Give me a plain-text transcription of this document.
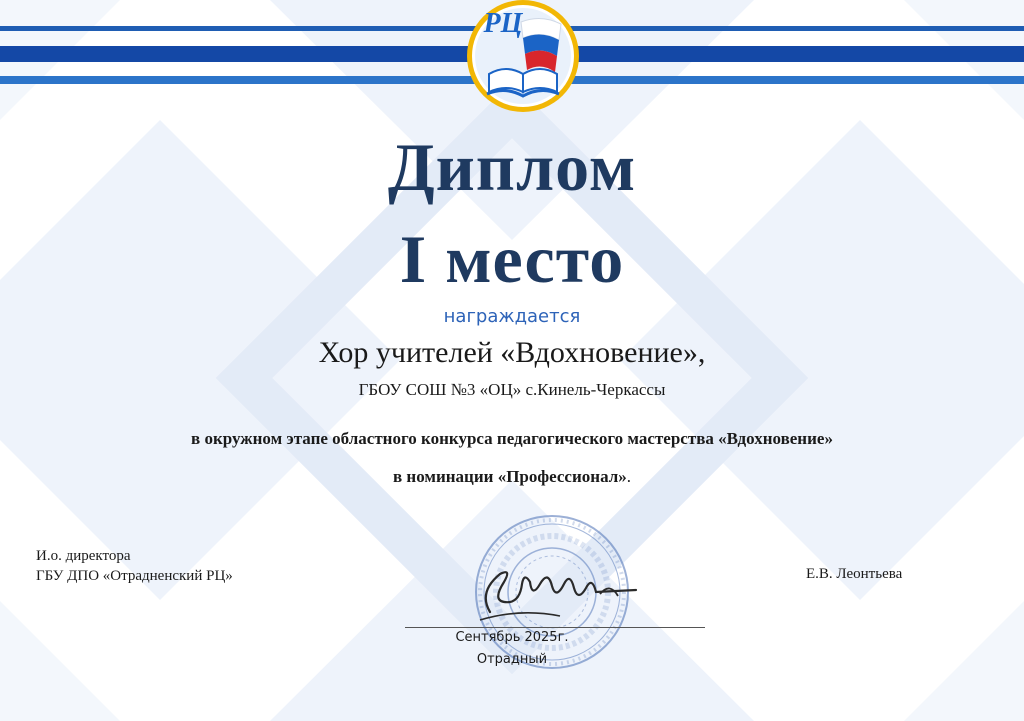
РЦ
Диплом
I место
награждается
Хор учителей «Вдохновение»,
ГБОУ СОШ №3 «ОЦ» с.Кинель-Черкассы
в окружном этапе областного конкурса педагогического мастерства «Вдохновение»
в номинации «Профессионал».
И.о. директора
ГБУ ДПО «Отрадненский РЦ»	Е.В. Леонтьева
Сентябрь 2025г.
Отрадный
